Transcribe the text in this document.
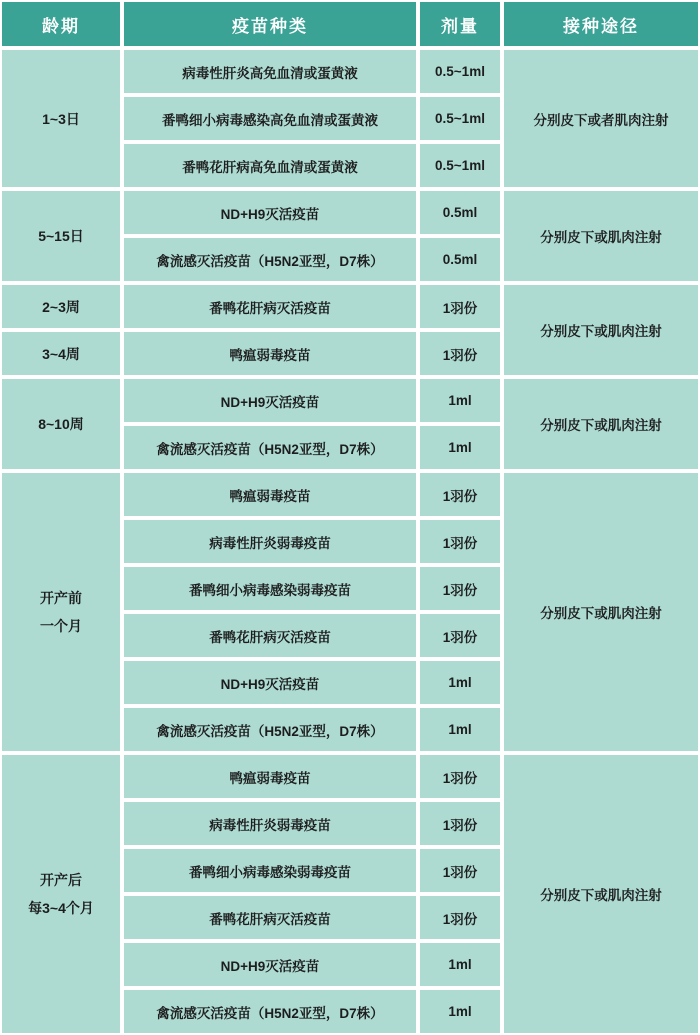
龄期	疫苗种类	剂量	接种途径

1~3日	病毒性肝炎高免血清或蛋黄液	0.5~1ml	分别皮下或者肌肉注射
	番鸭细小病毒感染高免血清或蛋黄液	0.5~1ml	
	番鸭花肝病高免血清或蛋黄液	0.5~1ml	

5~15日	ND+H9灭活疫苗	0.5ml	分别皮下或肌肉注射
	禽流感灭活疫苗（H5N2亚型，D7株）	0.5ml	

2~3周	番鸭花肝病灭活疫苗	1羽份	分别皮下或肌肉注射

3~4周	鸭瘟弱毒疫苗	1羽份	

8~10周	ND+H9灭活疫苗	1ml	分别皮下或肌肉注射
	禽流感灭活疫苗（H5N2亚型，D7株）	1ml	

开产前
一个月	鸭瘟弱毒疫苗	1羽份	分别皮下或肌肉注射
	病毒性肝炎弱毒疫苗	1羽份	
	番鸭细小病毒感染弱毒疫苗	1羽份	
	番鸭花肝病灭活疫苗	1羽份	
	ND+H9灭活疫苗	1ml	
	禽流感灭活疫苗（H5N2亚型，D7株）	1ml	

开产后
每3~4个月	鸭瘟弱毒疫苗	1羽份	分别皮下或肌肉注射
	病毒性肝炎弱毒疫苗	1羽份	
	番鸭细小病毒感染弱毒疫苗	1羽份	
	番鸭花肝病灭活疫苗	1羽份	
	ND+H9灭活疫苗	1ml	
	禽流感灭活疫苗（H5N2亚型，D7株）	1ml	
